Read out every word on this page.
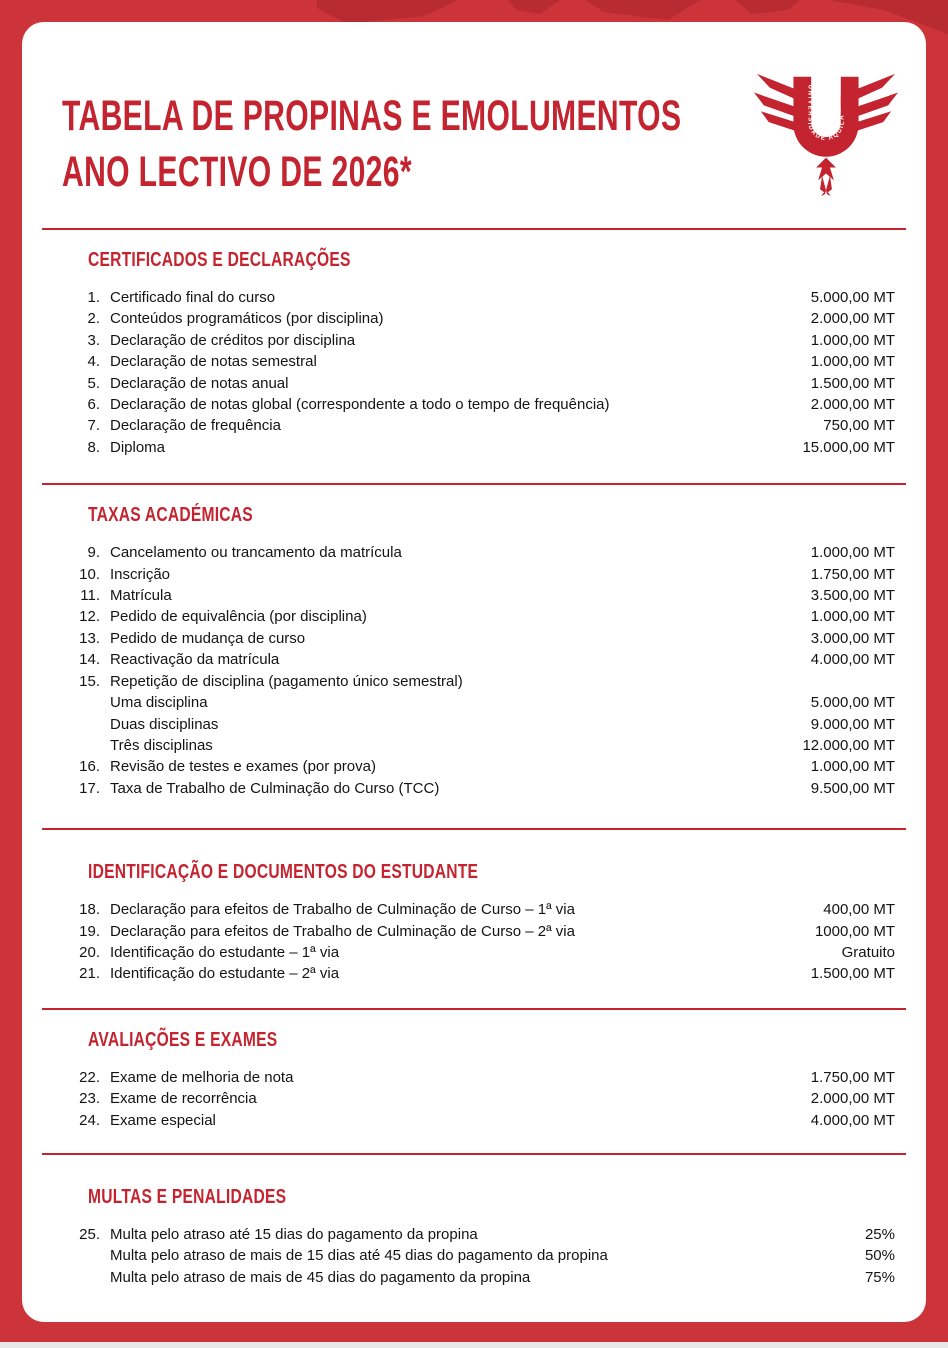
TABELA DE PROPINAS E EMOLUMENTOS
ANO LECTIVO DE 2026*
UNIVERSIDADE AQUILA
CERTIFICADOS E DECLARAÇÕES
1. Certificado final do curso	5.000,00 MT
2. Conteúdos programáticos (por disciplina)	2.000,00 MT
3. Declaração de créditos por disciplina	1.000,00 MT
4. Declaração de notas semestral	1.000,00 MT
5. Declaração de notas anual	1.500,00 MT
6. Declaração de notas global (correspondente a todo o tempo de frequência)	2.000,00 MT
7. Declaração de frequência	750,00 MT
8. Diploma	15.000,00 MT
TAXAS ACADÉMICAS
9. Cancelamento ou trancamento da matrícula	1.000,00 MT
10. Inscrição	1.750,00 MT
11. Matrícula	3.500,00 MT
12. Pedido de equivalência (por disciplina)	1.000,00 MT
13. Pedido de mudança de curso	3.000,00 MT
14. Reactivação da matrícula	4.000,00 MT
15. Repetição de disciplina (pagamento único semestral)
Uma disciplina	5.000,00 MT
Duas disciplinas	9.000,00 MT
Três disciplinas	12.000,00 MT
16. Revisão de testes e exames (por prova)	1.000,00 MT
17. Taxa de Trabalho de Culminação do Curso (TCC)	9.500,00 MT
IDENTIFICAÇÃO E DOCUMENTOS DO ESTUDANTE
18. Declaração para efeitos de Trabalho de Culminação de Curso – 1ª via	400,00 MT
19. Declaração para efeitos de Trabalho de Culminação de Curso – 2ª via	1000,00 MT
20. Identificação do estudante – 1ª via	Gratuito
21. Identificação do estudante – 2ª via	1.500,00 MT
AVALIAÇÕES E EXAMES
22. Exame de melhoria de nota	1.750,00 MT
23. Exame de recorrência	2.000,00 MT
24. Exame especial	4.000,00 MT
MULTAS E PENALIDADES
25. Multa pelo atraso até 15 dias do pagamento da propina	25%
Multa pelo atraso de mais de 15 dias até 45 dias do pagamento da propina	50%
Multa pelo atraso de mais de 45 dias do pagamento da propina	75%
